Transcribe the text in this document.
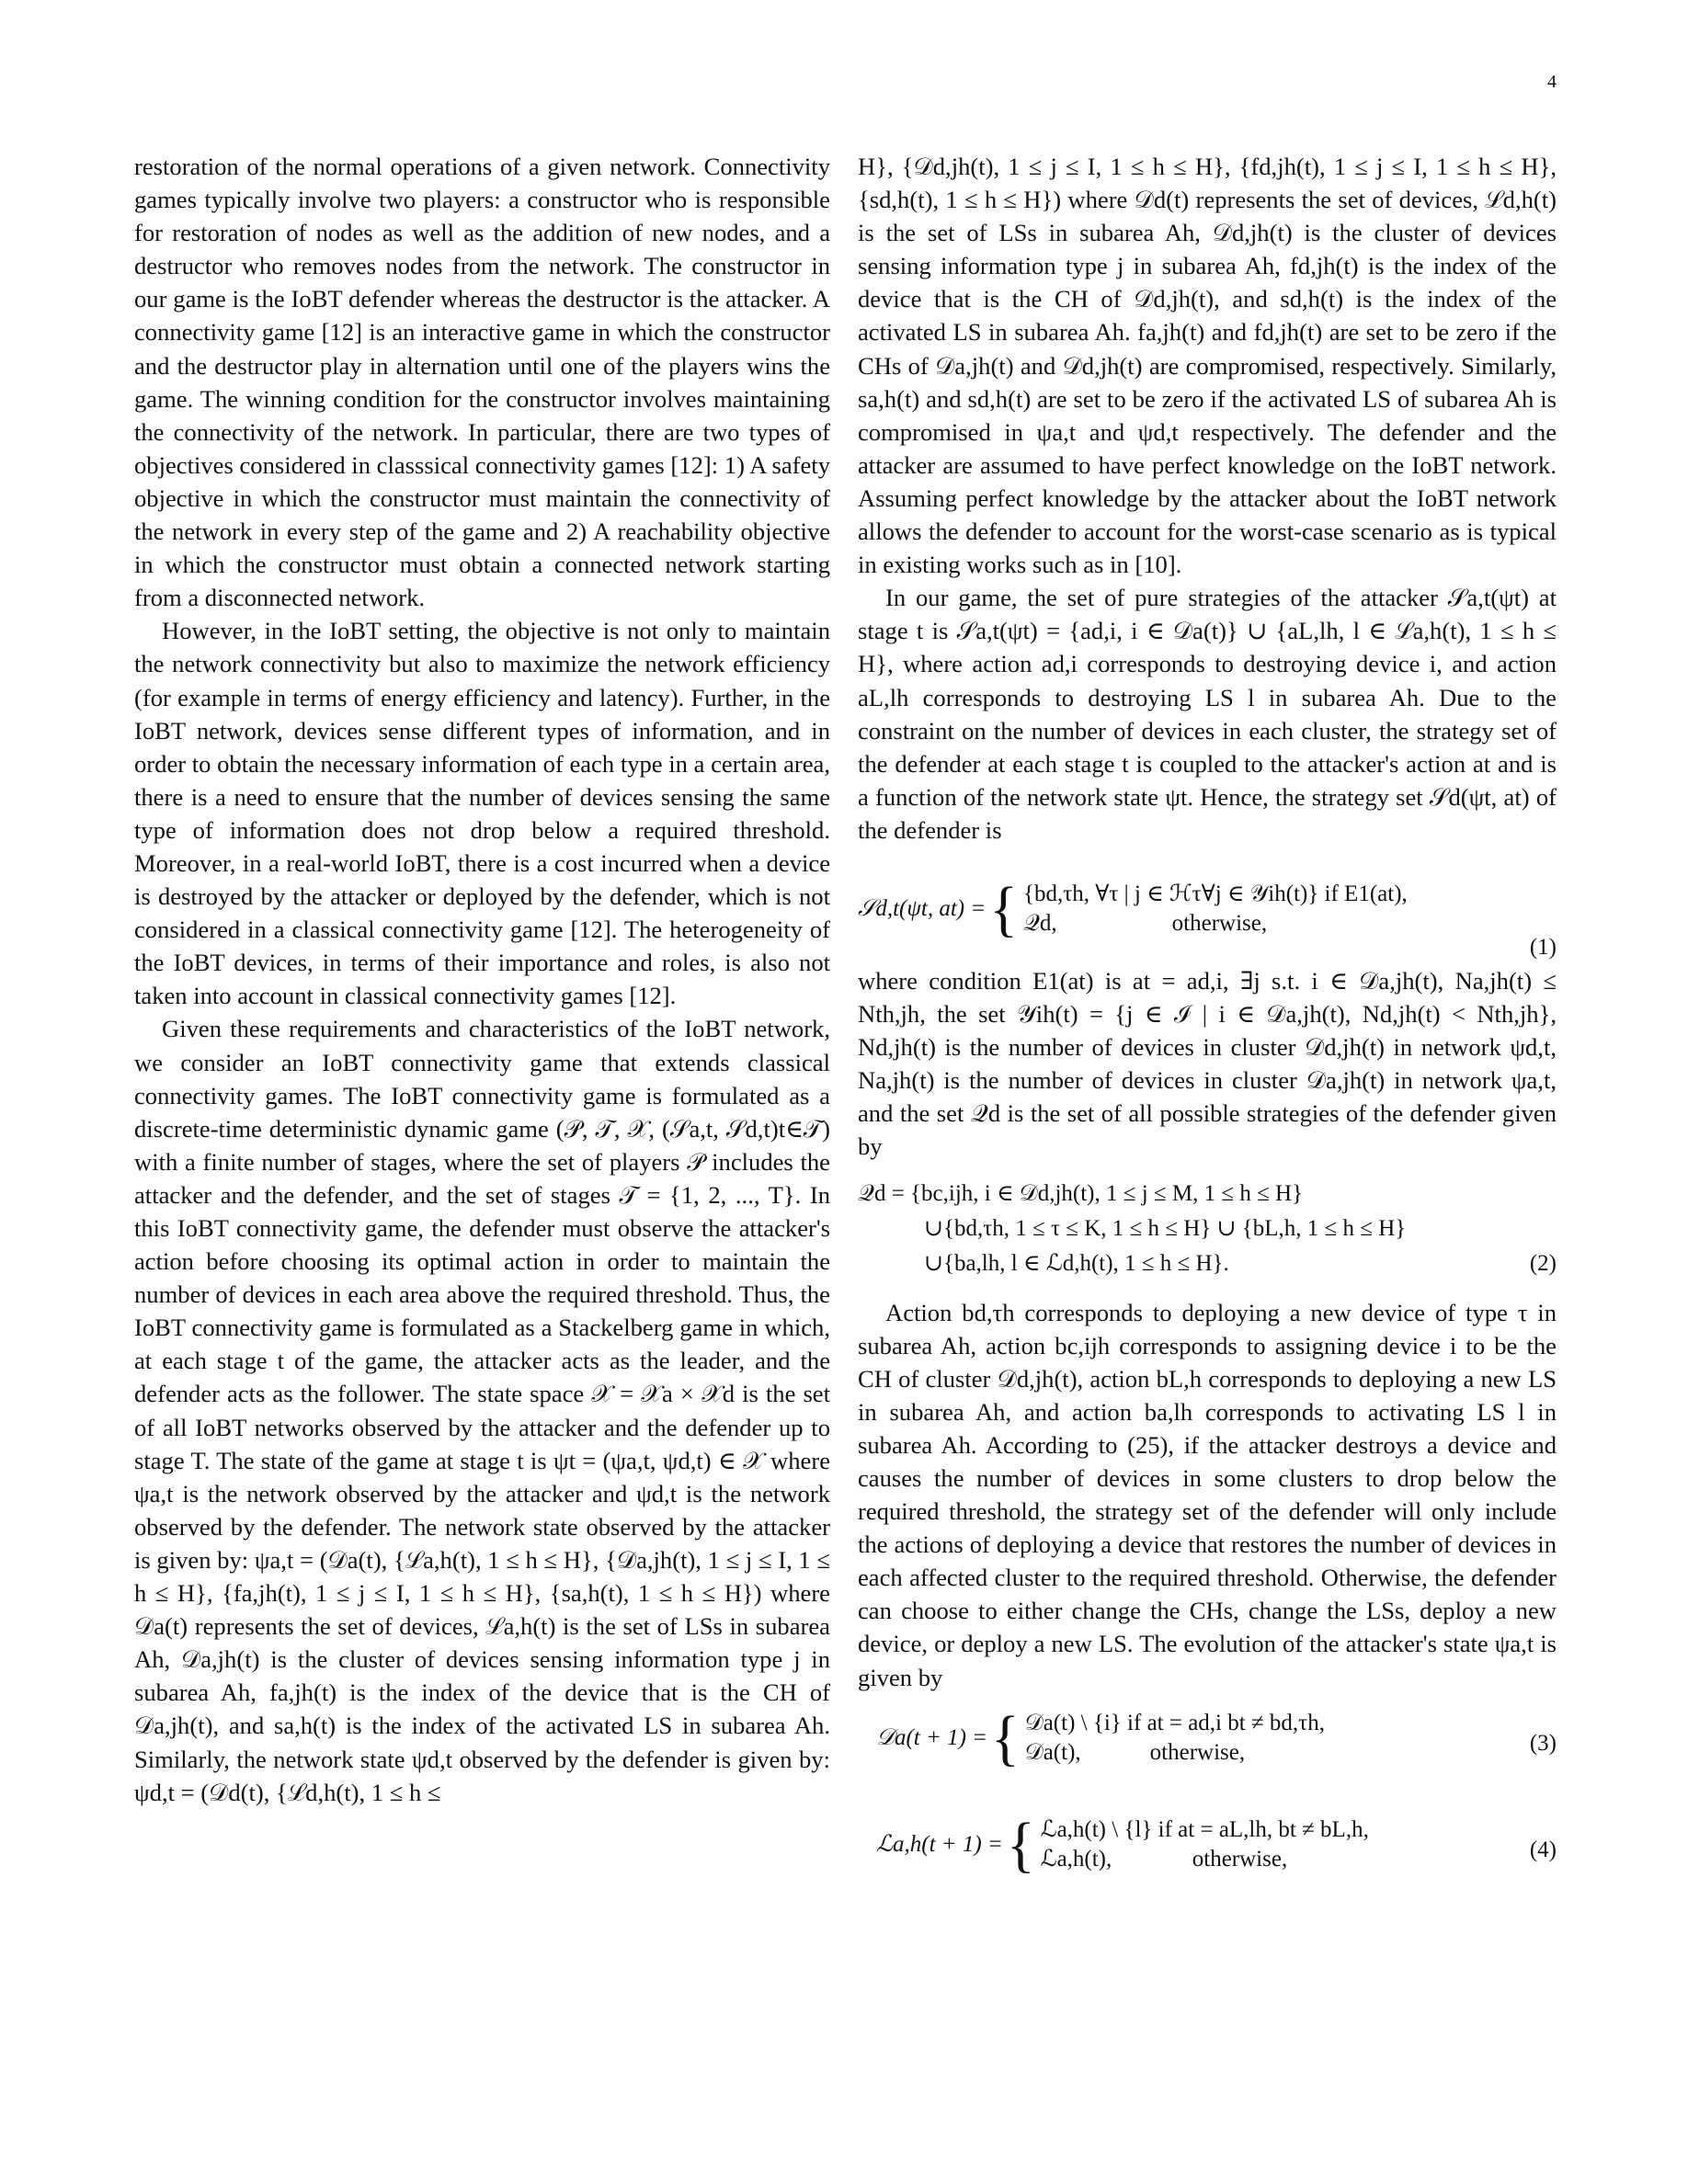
4

restoration of the normal operations of a given network. Connectivity games typically involve two players: a constructor who is responsible for restoration of nodes as well as the addition of new nodes, and a destructor who removes nodes from the network. The constructor in our game is the IoBT defender whereas the destructor is the attacker. A connectivity game [12] is an interactive game in which the constructor and the destructor play in alternation until one of the players wins the game. The winning condition for the constructor involves maintaining the connectivity of the network. In particular, there are two types of objectives considered in classsical connectivity games [12]: 1) A safety objective in which the constructor must maintain the connectivity of the network in every step of the game and 2) A reachability objective in which the constructor must obtain a connected network starting from a disconnected network.

However, in the IoBT setting, the objective is not only to maintain the network connectivity but also to maximize the network efficiency (for example in terms of energy efficiency and latency). Further, in the IoBT network, devices sense different types of information, and in order to obtain the necessary information of each type in a certain area, there is a need to ensure that the number of devices sensing the same type of information does not drop below a required threshold. Moreover, in a real-world IoBT, there is a cost incurred when a device is destroyed by the attacker or deployed by the defender, which is not considered in a classical connectivity game [12]. The heterogeneity of the IoBT devices, in terms of their importance and roles, is also not taken into account in classical connectivity games [12].

Given these requirements and characteristics of the IoBT network, we consider an IoBT connectivity game that extends classical connectivity games. The IoBT connectivity game is formulated as a discrete-time deterministic dynamic game (𝒫, 𝒯, 𝒳, (𝒮a,t, 𝒮d,t)t∈𝒯) with a finite number of stages, where the set of players 𝒫 includes the attacker and the defender, and the set of stages 𝒯 = {1, 2, ..., T}. In this IoBT connectivity game, the defender must observe the attacker's action before choosing its optimal action in order to maintain the number of devices in each area above the required threshold. Thus, the IoBT connectivity game is formulated as a Stackelberg game in which, at each stage t of the game, the attacker acts as the leader, and the defender acts as the follower. The state space 𝒳 = 𝒳a × 𝒳d is the set of all IoBT networks observed by the attacker and the defender up to stage T. The state of the game at stage t is ψt = (ψa,t, ψd,t) ∈ 𝒳 where ψa,t is the network observed by the attacker and ψd,t is the network observed by the defender. The network state observed by the attacker is given by: ψa,t = (𝒟a(t), {ℒa,h(t), 1 ≤ h ≤ H}, {𝒟a,jh(t), 1 ≤ j ≤ I, 1 ≤ h ≤ H}, {fa,jh(t), 1 ≤ j ≤ I, 1 ≤ h ≤ H}, {sa,h(t), 1 ≤ h ≤ H}) where 𝒟a(t) represents the set of devices, ℒa,h(t) is the set of LSs in subarea Ah, 𝒟a,jh(t) is the cluster of devices sensing information type j in subarea Ah, fa,jh(t) is the index of the device that is the CH of 𝒟a,jh(t), and sa,h(t) is the index of the activated LS in subarea Ah. Similarly, the network state ψd,t observed by the defender is given by: ψd,t = (𝒟d(t), {ℒd,h(t), 1 ≤ h ≤

H}, {𝒟d,jh(t), 1 ≤ j ≤ I, 1 ≤ h ≤ H}, {fd,jh(t), 1 ≤ j ≤ I, 1 ≤ h ≤ H}, {sd,h(t), 1 ≤ h ≤ H}) where 𝒟d(t) represents the set of devices, ℒd,h(t) is the set of LSs in subarea Ah, 𝒟d,jh(t) is the cluster of devices sensing information type j in subarea Ah, fd,jh(t) is the index of the device that is the CH of 𝒟d,jh(t), and sd,h(t) is the index of the activated LS in subarea Ah. fa,jh(t) and fd,jh(t) are set to be zero if the CHs of 𝒟a,jh(t) and 𝒟d,jh(t) are compromised, respectively. Similarly, sa,h(t) and sd,h(t) are set to be zero if the activated LS of subarea Ah is compromised in ψa,t and ψd,t respectively. The defender and the attacker are assumed to have perfect knowledge on the IoBT network. Assuming perfect knowledge by the attacker about the IoBT network allows the defender to account for the worst-case scenario as is typical in existing works such as in [10].

In our game, the set of pure strategies of the attacker 𝒮a,t(ψt) at stage t is 𝒮a,t(ψt) = {ad,i, i ∈ 𝒟a(t)} ∪ {aL,lh, l ∈ ℒa,h(t), 1 ≤ h ≤ H}, where action ad,i corresponds to destroying device i, and action aL,lh corresponds to destroying LS l in subarea Ah. Due to the constraint on the number of devices in each cluster, the strategy set of the defender at each stage t is coupled to the attacker's action at and is a function of the network state ψt. Hence, the strategy set 𝒮d(ψt, at) of the defender is

𝒮d,t(ψt, at) = { {bd,τh, ∀τ | j ∈ ℋτ∀j ∈ 𝒴ih(t)} if E1(at),
𝒬d,                    otherwise,
(1)

where condition E1(at) is at = ad,i, ∃j s.t. i ∈ 𝒟a,jh(t), Na,jh(t) ≤ Nth,jh, the set 𝒴ih(t) = {j ∈ ℐ | i ∈ 𝒟a,jh(t), Nd,jh(t) < Nth,jh}, Nd,jh(t) is the number of devices in cluster 𝒟d,jh(t) in network ψd,t, Na,jh(t) is the number of devices in cluster 𝒟a,jh(t) in network ψa,t, and the set 𝒬d is the set of all possible strategies of the defender given by

𝒬d = {bc,ijh, i ∈ 𝒟d,jh(t), 1 ≤ j ≤ M, 1 ≤ h ≤ H}
∪{bd,τh, 1 ≤ τ ≤ K, 1 ≤ h ≤ H} ∪ {bL,h, 1 ≤ h ≤ H}
∪{ba,lh, l ∈ ℒd,h(t), 1 ≤ h ≤ H}.	(2)

Action bd,τh corresponds to deploying a new device of type τ in subarea Ah, action bc,ijh corresponds to assigning device i to be the CH of cluster 𝒟d,jh(t), action bL,h corresponds to deploying a new LS in subarea Ah, and action ba,lh corresponds to activating LS l in subarea Ah. According to (25), if the attacker destroys a device and causes the number of devices in some clusters to drop below the required threshold, the strategy set of the defender will only include the actions of deploying a device that restores the number of devices in each affected cluster to the required threshold. Otherwise, the defender can choose to either change the CHs, change the LSs, deploy a new device, or deploy a new LS. The evolution of the attacker's state ψa,t is given by

𝒟a(t + 1) = { 𝒟a(t) \ {i} if at = ad,i bt ≠ bd,τh,
𝒟a(t),            otherwise,	(3)
ℒa,h(t + 1) = { ℒa,h(t) \ {l} if at = aL,lh, bt ≠ bL,h,
ℒa,h(t),              otherwise,	(4)
